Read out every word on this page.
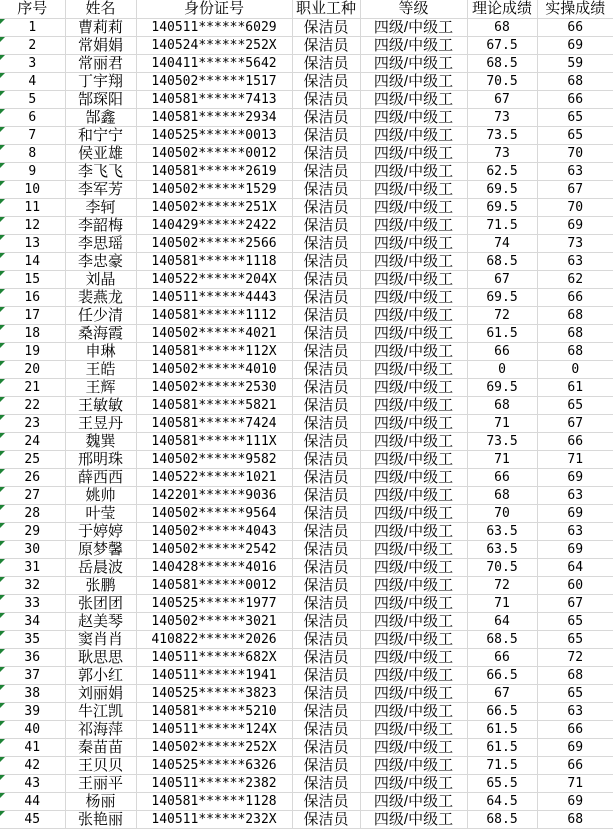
序号	姓名	身份证号	职业工种	等级	理论成绩	实操成绩

1	曹莉莉	140511******6029	保洁员	四级/中级工	68	66

2	常娟娟	140524******252X	保洁员	四级/中级工	67.5	69

3	常丽君	140411******5642	保洁员	四级/中级工	68.5	59

4	丁宇翔	140502******1517	保洁员	四级/中级工	70.5	68

5	郜琛阳	140581******7413	保洁员	四级/中级工	67	66

6	郜鑫	140581******2934	保洁员	四级/中级工	73	65

7	和宁宁	140525******0013	保洁员	四级/中级工	73.5	65

8	侯亚雄	140502******0012	保洁员	四级/中级工	73	70

9	李飞飞	140581******2619	保洁员	四级/中级工	62.5	63

10	李军芳	140502******1529	保洁员	四级/中级工	69.5	67

11	李轲	140502******251X	保洁员	四级/中级工	69.5	70

12	李韶梅	140429******2422	保洁员	四级/中级工	71.5	69

13	李思瑶	140502******2566	保洁员	四级/中级工	74	73

14	李忠豪	140581******1118	保洁员	四级/中级工	68.5	63

15	刘晶	140522******204X	保洁员	四级/中级工	67	62

16	裴燕龙	140511******4443	保洁员	四级/中级工	69.5	66

17	任少清	140581******1112	保洁员	四级/中级工	72	68

18	桑海霞	140502******4021	保洁员	四级/中级工	61.5	68

19	申琳	140581******112X	保洁员	四级/中级工	66	68

20	王皓	140502******4010	保洁员	四级/中级工	0	0

21	王辉	140502******2530	保洁员	四级/中级工	69.5	61

22	王敏敏	140581******5821	保洁员	四级/中级工	68	65

23	王昱丹	140581******7424	保洁员	四级/中级工	71	67

24	魏巽	140581******111X	保洁员	四级/中级工	73.5	66

25	邢明珠	140502******9582	保洁员	四级/中级工	71	71

26	薛西西	140522******1021	保洁员	四级/中级工	66	69

27	姚帅	142201******9036	保洁员	四级/中级工	68	63

28	叶莹	140502******9564	保洁员	四级/中级工	70	69

29	于婷婷	140502******4043	保洁员	四级/中级工	63.5	63

30	原梦馨	140502******2542	保洁员	四级/中级工	63.5	69

31	岳晨波	140428******4016	保洁员	四级/中级工	70.5	64

32	张鹏	140581******0012	保洁员	四级/中级工	72	60

33	张团团	140525******1977	保洁员	四级/中级工	71	67

34	赵美琴	140502******3021	保洁员	四级/中级工	64	65

35	窦肖肖	410822******2026	保洁员	四级/中级工	68.5	65

36	耿思思	140511******682X	保洁员	四级/中级工	66	72

37	郭小红	140511******1941	保洁员	四级/中级工	66.5	68

38	刘丽娟	140525******3823	保洁员	四级/中级工	67	65

39	牛江凯	140581******5210	保洁员	四级/中级工	66.5	63

40	祁海萍	140511******124X	保洁员	四级/中级工	61.5	66

41	秦苗苗	140502******252X	保洁员	四级/中级工	61.5	69

42	王贝贝	140525******6326	保洁员	四级/中级工	71.5	66

43	王丽平	140511******2382	保洁员	四级/中级工	65.5	71

44	杨丽	140581******1128	保洁员	四级/中级工	64.5	69

45	张艳丽	140511******232X	保洁员	四级/中级工	68.5	68
